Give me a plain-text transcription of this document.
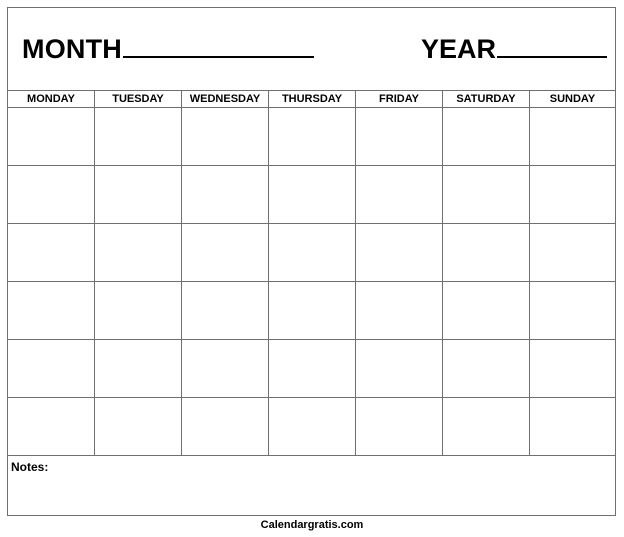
MONTH	YEAR
MONDAY	TUESDAY	WEDNESDAY	THURSDAY	FRIDAY	SATURDAY	SUNDAY
Notes:
Calendargratis.com
